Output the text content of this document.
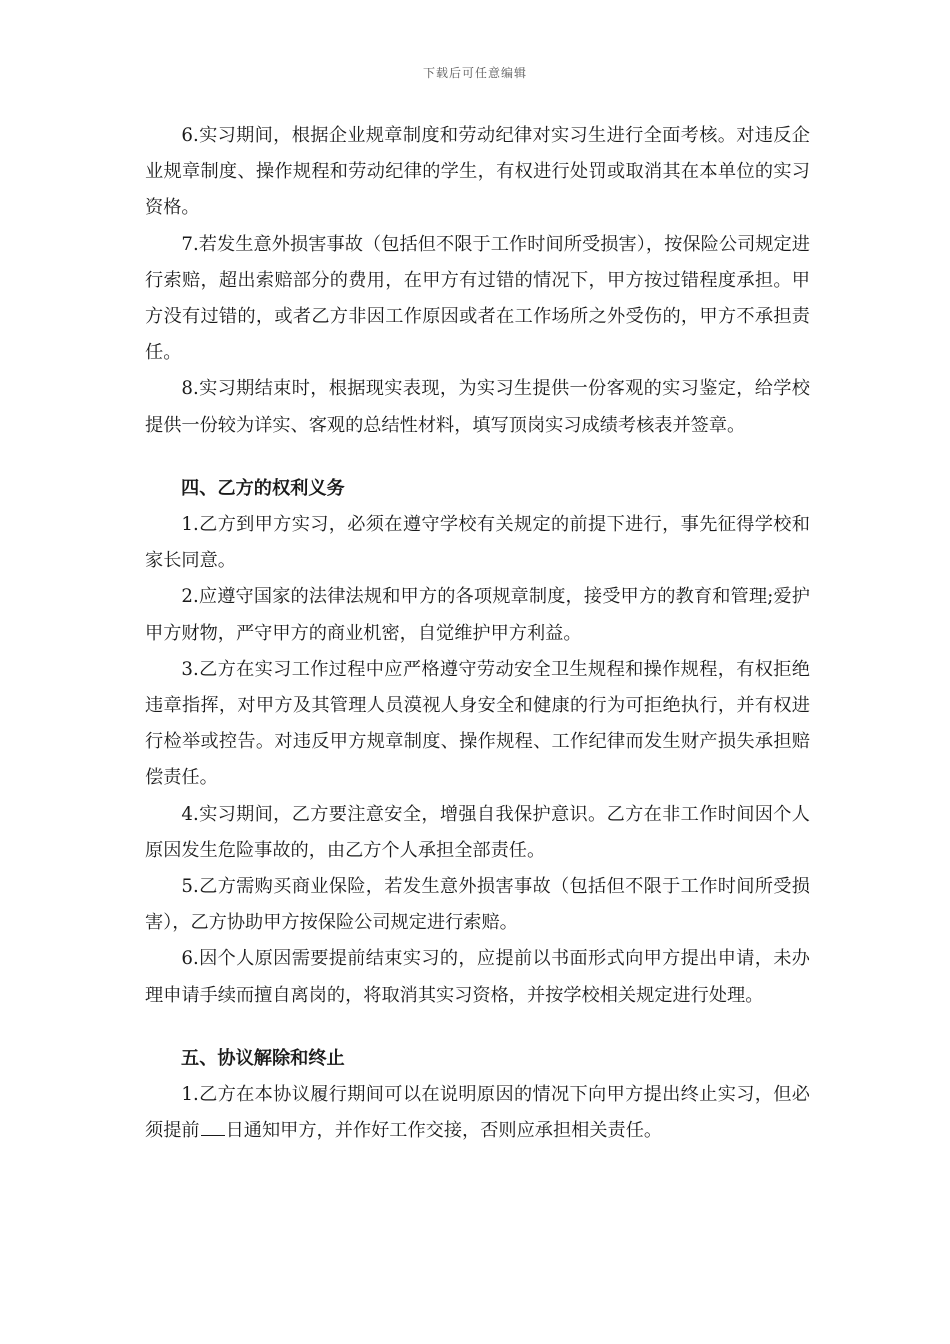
下载后可任意编辑

6.实习期间，根据企业规章制度和劳动纪律对实习生进行全面考核。对违反企业规章制度、操作规程和劳动纪律的学生，有权进行处罚或取消其在本单位的实习资格。

7.若发生意外损害事故（包括但不限于工作时间所受损害），按保险公司规定进行索赔，超出索赔部分的费用，在甲方有过错的情况下，甲方按过错程度承担。甲方没有过错的，或者乙方非因工作原因或者在工作场所之外受伤的，甲方不承担责任。

8.实习期结束时，根据现实表现，为实习生提供一份客观的实习鉴定，给学校提供一份较为详实、客观的总结性材料，填写顶岗实习成绩考核表并签章。

四、乙方的权利义务

1.乙方到甲方实习，必须在遵守学校有关规定的前提下进行，事先征得学校和家长同意。

2.应遵守国家的法律法规和甲方的各项规章制度，接受甲方的教育和管理;爱护甲方财物，严守甲方的商业机密，自觉维护甲方利益。

3.乙方在实习工作过程中应严格遵守劳动安全卫生规程和操作规程，有权拒绝违章指挥，对甲方及其管理人员漠视人身安全和健康的行为可拒绝执行，并有权进行检举或控告。对违反甲方规章制度、操作规程、工作纪律而发生财产损失承担赔偿责任。

4.实习期间，乙方要注意安全，增强自我保护意识。乙方在非工作时间因个人原因发生危险事故的，由乙方个人承担全部责任。

5.乙方需购买商业保险，若发生意外损害事故（包括但不限于工作时间所受损害），乙方协助甲方按保险公司规定进行索赔。

6.因个人原因需要提前结束实习的，应提前以书面形式向甲方提出申请，未办理申请手续而擅自离岗的，将取消其实习资格，并按学校相关规定进行处理。

五、协议解除和终止

1.乙方在本协议履行期间可以在说明原因的情况下向甲方提出终止实习，但必须提前 日通知甲方，并作好工作交接，否则应承担相关责任。
